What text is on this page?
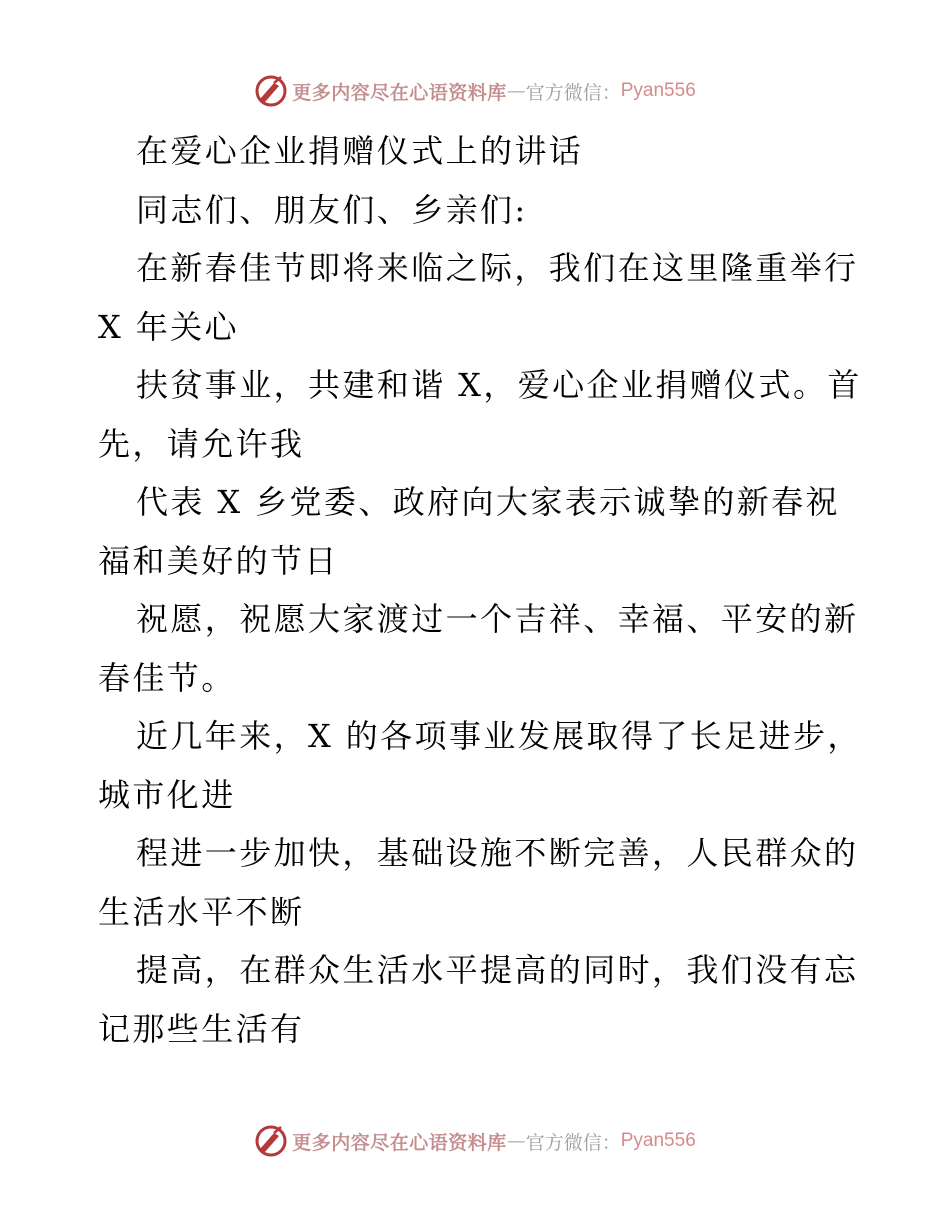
更多内容尽在心语资料库 — 官方微信： Pyan556
在爱心企业捐赠仪式上的讲话
同志们、朋友们、乡亲们:
在新春佳节即将来临之际，我们在这里隆重举行
X 年关心
扶贫事业，共建和谐 X，爱心企业捐赠仪式。首
先，请允许我
代表 X 乡党委、政府向大家表示诚挚的新春祝
福和美好的节日
祝愿，祝愿大家渡过一个吉祥、幸福、平安的新
春佳节。
近几年来，X 的各项事业发展取得了长足进步，
城市化进
程进一步加快，基础设施不断完善，人民群众的
生活水平不断
提高，在群众生活水平提高的同时，我们没有忘
记那些生活有
更多内容尽在心语资料库 — 官方微信： Pyan556
